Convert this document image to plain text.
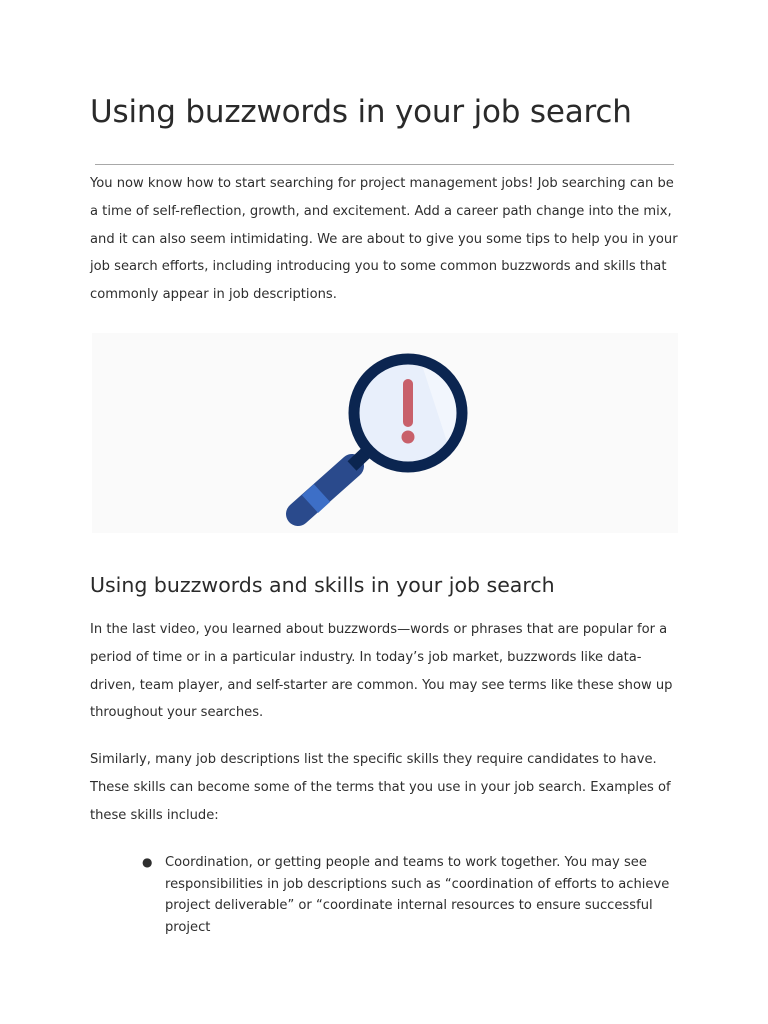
Using buzzwords in your job search

You now know how to start searching for project management jobs! Job searching can be a time of self-reflection, growth, and excitement. Add a career path change into the mix, and it can also seem intimidating. We are about to give you some tips to help you in your job search efforts, including introducing you to some common buzzwords and skills that commonly appear in job descriptions.

Using buzzwords and skills in your job search

In the last video, you learned about buzzwords—words or phrases that are popular for a period of time or in a particular industry. In today’s job market, buzzwords like data-driven, team player, and self-starter are common. You may see terms like these show up throughout your searches.

Similarly, many job descriptions list the specific skills they require candidates to have. These skills can become some of the terms that you use in your job search. Examples of these skills include:

● Coordination, or getting people and teams to work together. You may see responsibilities in job descriptions such as “coordination of efforts to achieve project deliverable” or “coordinate internal resources to ensure successful project
